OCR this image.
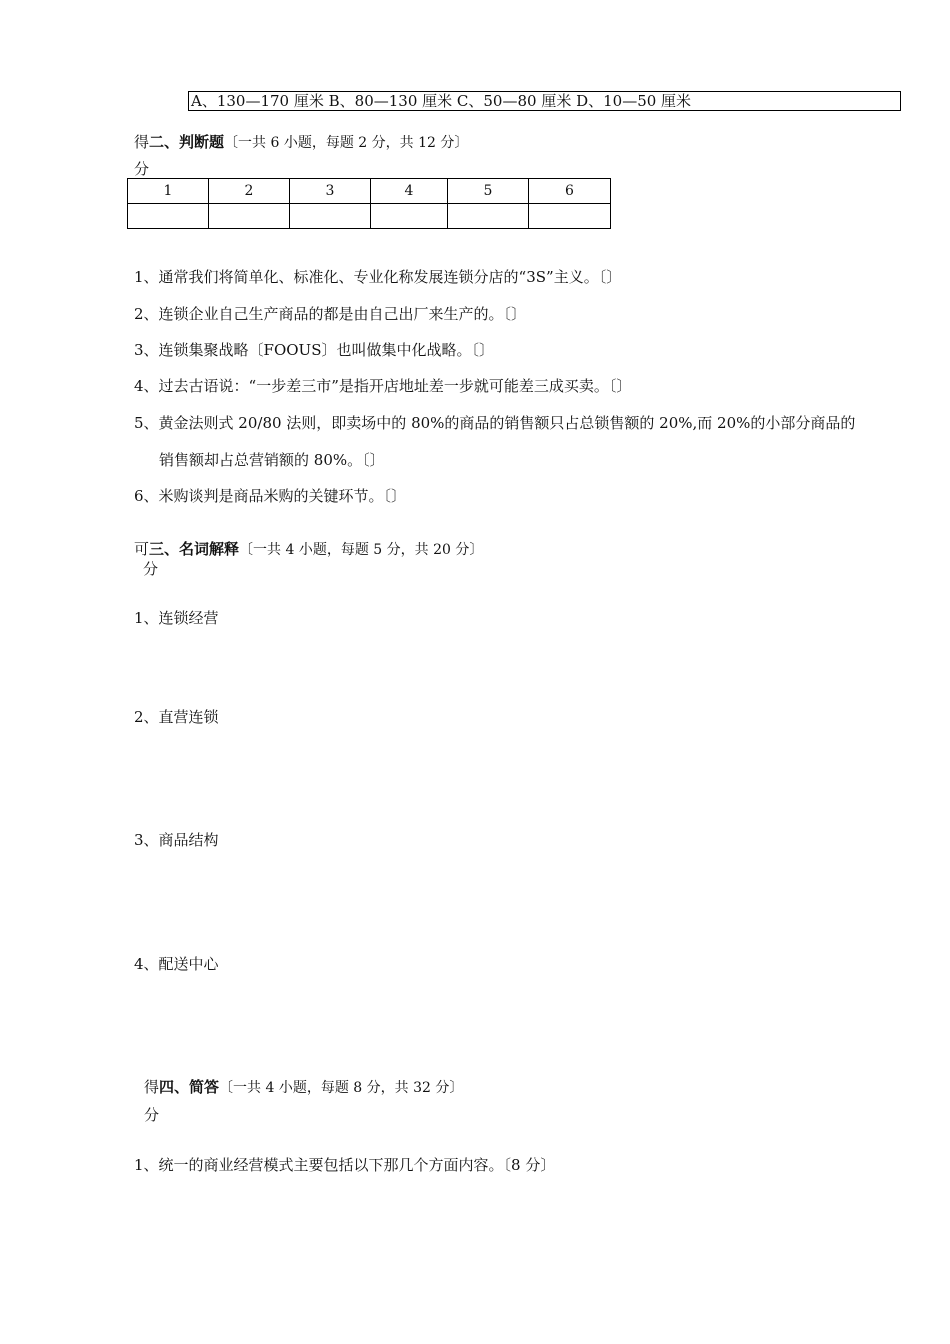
A、130—170 厘米 B、80—130 厘米 C、50—80 厘米 D、10—50 厘米
得二、判断题〔一共 6 小题，每题 2 分，共 12 分〕
分
1	2	3	4	5	6

1、通常我们将简单化、标准化、专业化称发展连锁分店的“3S”主义。〔〕
2、连锁企业自己生产商品的都是由自己出厂来生产的。〔〕
3、连锁集聚战略〔FOOUS〕也叫做集中化战略。〔〕
4、过去古语说：“一步差三市”是指开店地址差一步就可能差三成买卖。〔〕
5、黄金法则式 20/80 法则，即卖场中的 80%的商品的销售额只占总锁售额的 20%,而 20%的小部分商品的
销售额却占总营销额的 80%。〔〕
6、米购谈判是商品米购的关键环节。〔〕
可三、名词解释〔一共 4 小题，每题 5 分，共 20 分〕
分
1、连锁经营
2、直营连锁
3、商品结构
4、配送中心
得四、简答〔一共 4 小题，每题 8 分，共 32 分〕
分
1、统一的商业经营模式主要包括以下那几个方面内容。〔8 分〕
